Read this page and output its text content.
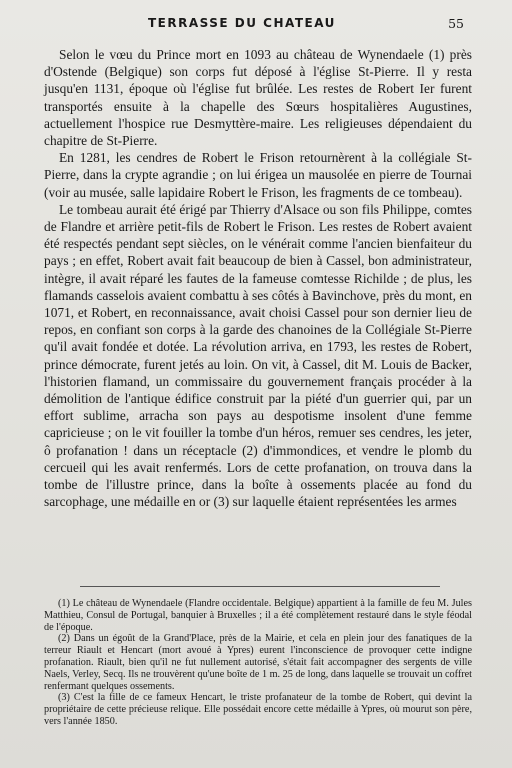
TERRASSE DU CHATEAU	55

Selon le vœu du Prince mort en 1093 au château de Wynendaele (1) près d'Ostende (Belgique) son corps fut déposé à l'église St-Pierre. Il y resta jusqu'en 1131, époque où l'église fut brûlée. Les restes de Robert Ier furent transportés ensuite à la chapelle des Sœurs hospitalières Augustines, actuellement l'hospice rue Desmyttère-maire. Les religieuses dépendaient du chapitre de St-Pierre.

En 1281, les cendres de Robert le Frison retournèrent à la collégiale St-Pierre, dans la crypte agrandie ; on lui érigea un mausolée en pierre de Tournai (voir au musée, salle lapidaire Robert le Frison, les fragments de ce tombeau).

Le tombeau aurait été érigé par Thierry d'Alsace ou son fils Philippe, comtes de Flandre et arrière petit-fils de Robert le Frison. Les restes de Robert avaient été respectés pendant sept siècles, on le vénérait comme l'ancien bienfaiteur du pays ; en effet, Robert avait fait beaucoup de bien à Cassel, bon administrateur, intègre, il avait réparé les fautes de la fameuse comtesse Richilde ; de plus, les flamands casselois avaient combattu à ses côtés à Bavinchove, près du mont, en 1071, et Robert, en reconnaissance, avait choisi Cassel pour son dernier lieu de repos, en confiant son corps à la garde des chanoines de la Collégiale St-Pierre qu'il avait fondée et dotée. La révolution arriva, en 1793, les restes de Robert, prince démocrate, furent jetés au loin. On vit, à Cassel, dit M. Louis de Backer, l'historien flamand, un commissaire du gouvernement français procéder à la démolition de l'antique édifice construit par la piété d'un guerrier qui, par un effort sublime, arracha son pays au despotisme insolent d'une femme capricieuse ; on le vit fouiller la tombe d'un héros, remuer ses cendres, les jeter, ô profanation ! dans un réceptacle (2) d'immondices, et vendre le plomb du cercueil qui les avait renfermés. Lors de cette profanation, on trouva dans la tombe de l'illustre prince, dans la boîte à ossements placée au fond du sarcophage, une médaille en or (3) sur laquelle étaient représentées les armes

(1) Le château de Wynendaele (Flandre occidentale. Belgique) appartient à la famille de feu M. Jules Matthieu, Consul de Portugal, banquier à Bruxelles ; il a été complètement restauré dans le style féodal de l'époque.

(2) Dans un égoût de la Grand'Place, près de la Mairie, et cela en plein jour des fanatiques de la terreur Riault et Hencart (mort avoué à Ypres) eurent l'inconscience de provoquer cette indigne profanation. Riault, bien qu'il ne fut nullement autorisé, s'était fait accompagner des sergents de ville Naels, Verley, Secq. Ils ne trouvèrent qu'une boîte de 1 m. 25 de long, dans laquelle se trouvait un coffret renfermant quelques ossements.

(3) C'est la fille de ce fameux Hencart, le triste profanateur de la tombe de Robert, qui devint la propriétaire de cette précieuse relique. Elle possédait encore cette médaille à Ypres, où mourut son père, vers l'année 1850.
